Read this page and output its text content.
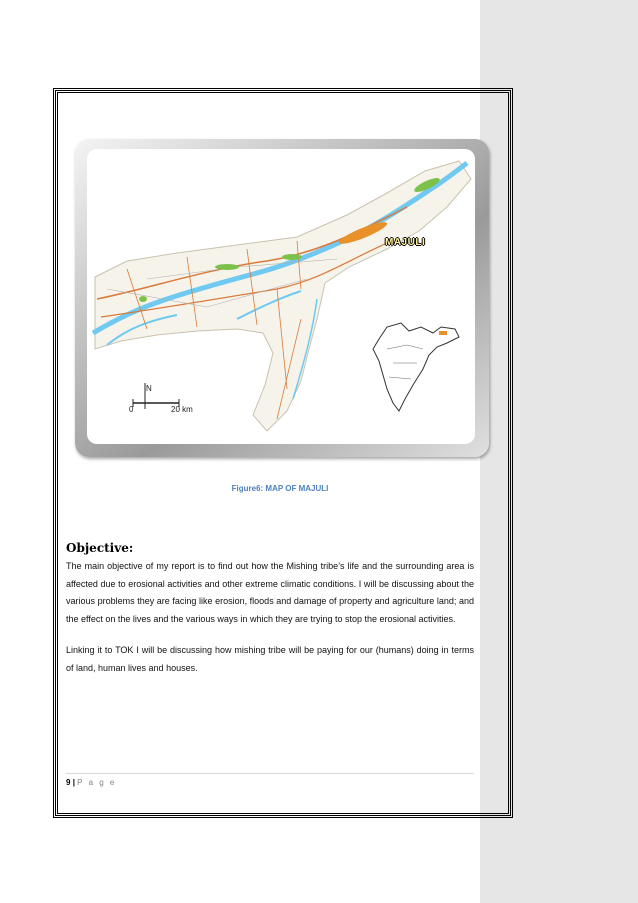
MAJULI
N
0	20 km
Figure6: MAP OF MAJULI
Objective:

The main objective of my report is to find out how the Mishing tribe’s life and the surrounding area is affected due to erosional activities and other extreme climatic conditions. I will be discussing about the various problems they are facing like erosion, floods and damage of property and agriculture land; and the effect on the lives and the various ways in which they are trying to stop the erosional activities.

Linking it to TOK I will be discussing how mishing tribe will be paying for our (humans) doing in terms of land, human lives and houses.

9 | P a g e
